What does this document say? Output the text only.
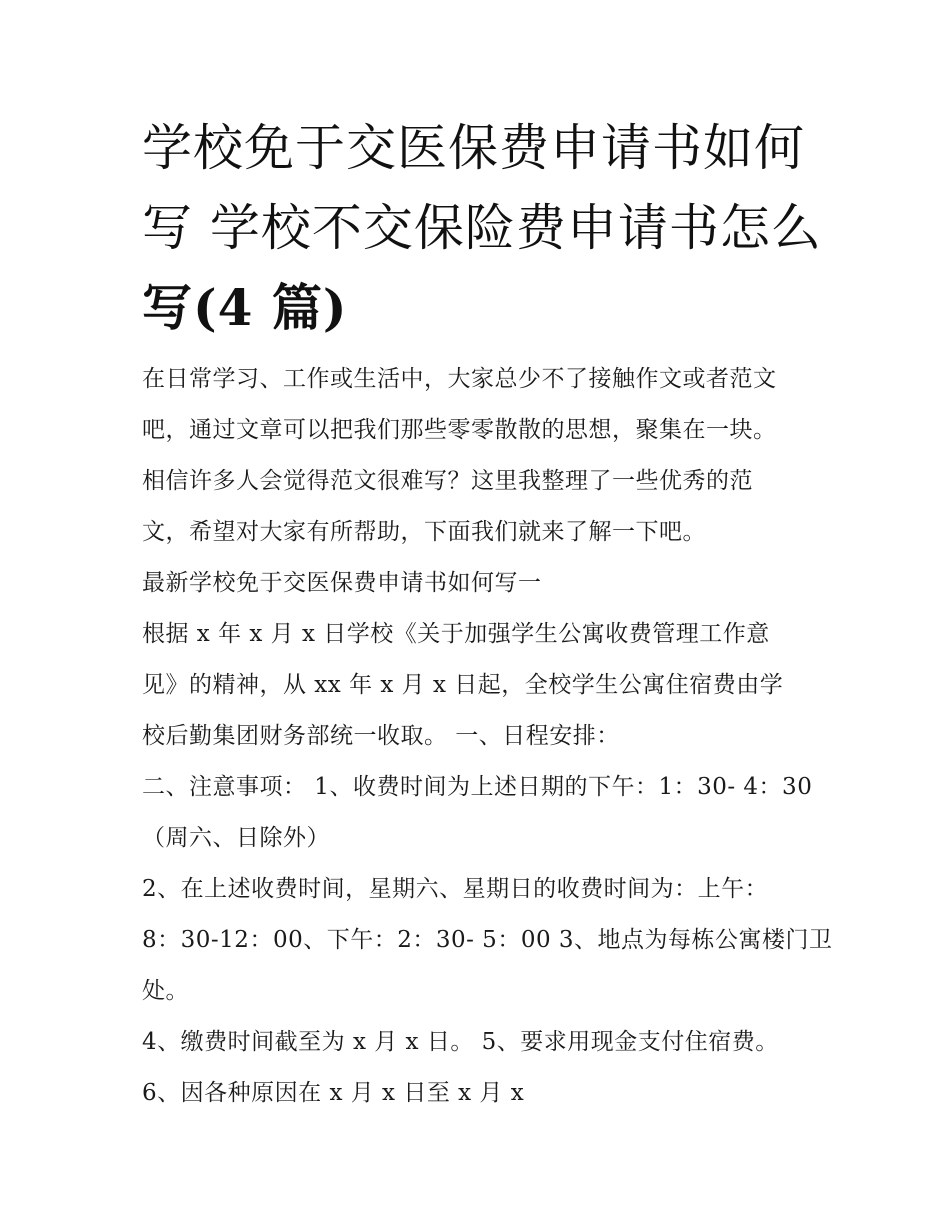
学校免于交医保费申请书如何
写 学校不交保险费申请书怎么
写(4 篇)

在日常学习、工作或生活中，大家总少不了接触作文或者范文

吧，通过文章可以把我们那些零零散散的思想，聚集在一块。

相信许多人会觉得范文很难写？这里我整理了一些优秀的范

文，希望对大家有所帮助，下面我们就来了解一下吧。

最新学校免于交医保费申请书如何写一

根据 x 年 x 月 x 日学校《关于加强学生公寓收费管理工作意

见》的精神，从 xx 年 x 月 x 日起，全校学生公寓住宿费由学

校后勤集团财务部统一收取。 一、日程安排：

二、注意事项： 1、收费时间为上述日期的下午：1：30- 4：30

（周六、日除外）

2、在上述收费时间，星期六、星期日的收费时间为：上午：

8：30-12：00、下午：2：30- 5：00 3、地点为每栋公寓楼门卫

处。

4、缴费时间截至为 x 月 x 日。 5、要求用现金支付住宿费。

6、因各种原因在 x 月 x 日至 x 月 x
